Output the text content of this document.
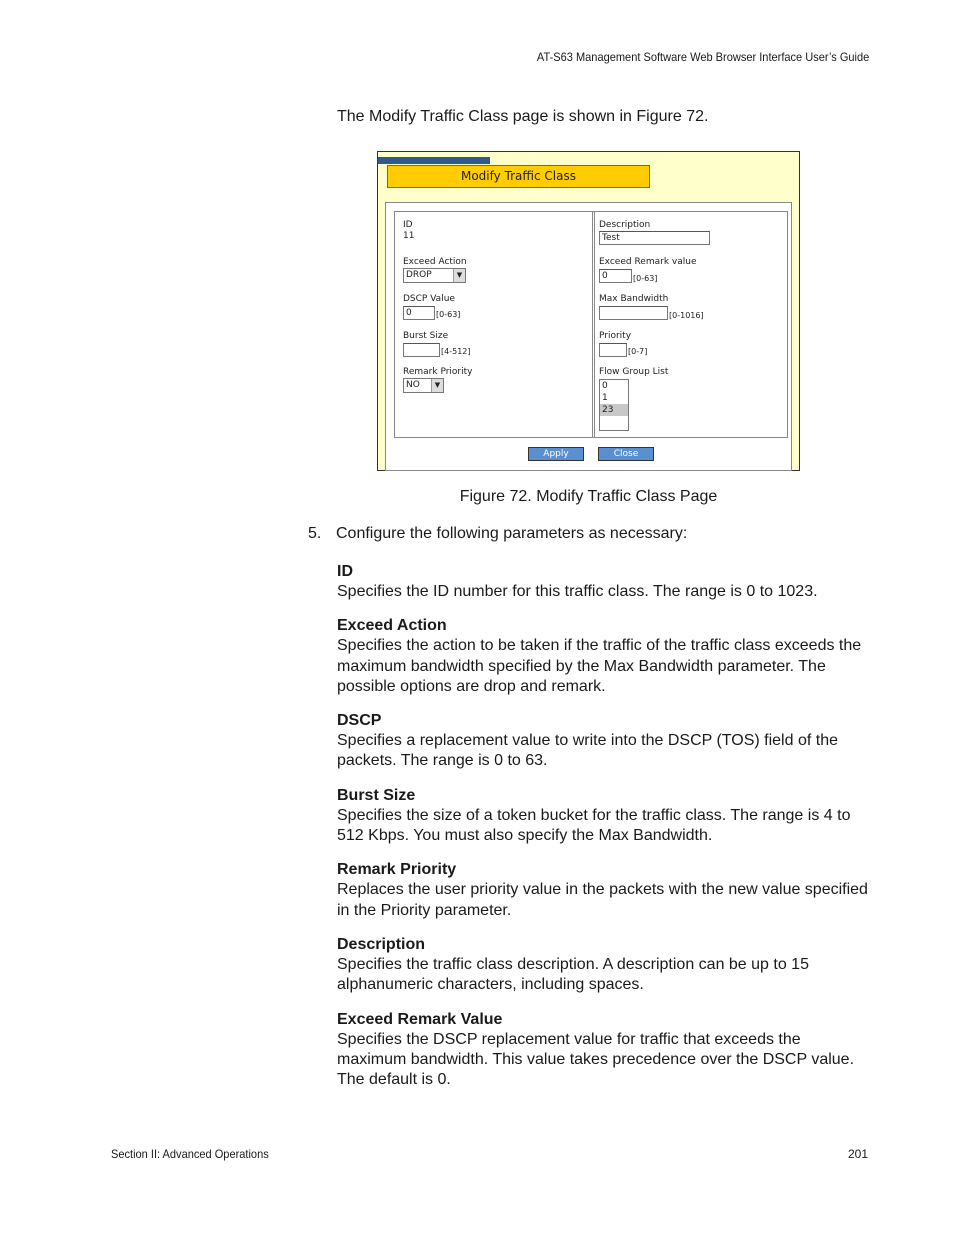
AT-S63 Management Software Web Browser Interface User’s Guide
The Modify Traffic Class page is shown in Figure 72.
Modify Traffic Class
ID
11
Exceed Action
DROP	▼
DSCP Value
0	[0-63]
Burst Size
[4-512]
Remark Priority
NO	▼
Description
Test
Exceed Remark value
0	[0-63]
Max Bandwidth
[0-1016]
Priority
[0-7]
Flow Group List
0
1
23
Apply	Close
Figure 72. Modify Traffic Class Page
5. Configure the following parameters as necessary:
ID

Specifies the ID number for this traffic class. The range is 0 to 1023.

Exceed Action

Specifies the action to be taken if the traffic of the traffic class exceeds the maximum bandwidth specified by the Max Bandwidth parameter. The possible options are drop and remark.

DSCP

Specifies a replacement value to write into the DSCP (TOS) field of the packets. The range is 0 to 63.

Burst Size

Specifies the size of a token bucket for the traffic class. The range is 4 to 512 Kbps. You must also specify the Max Bandwidth.

Remark Priority

Replaces the user priority value in the packets with the new value specified in the Priority parameter.

Description

Specifies the traffic class description. A description can be up to 15 alphanumeric characters, including spaces.

Exceed Remark Value

Specifies the DSCP replacement value for traffic that exceeds the maximum bandwidth. This value takes precedence over the DSCP value. The default is 0.

Section II: Advanced Operations	201
